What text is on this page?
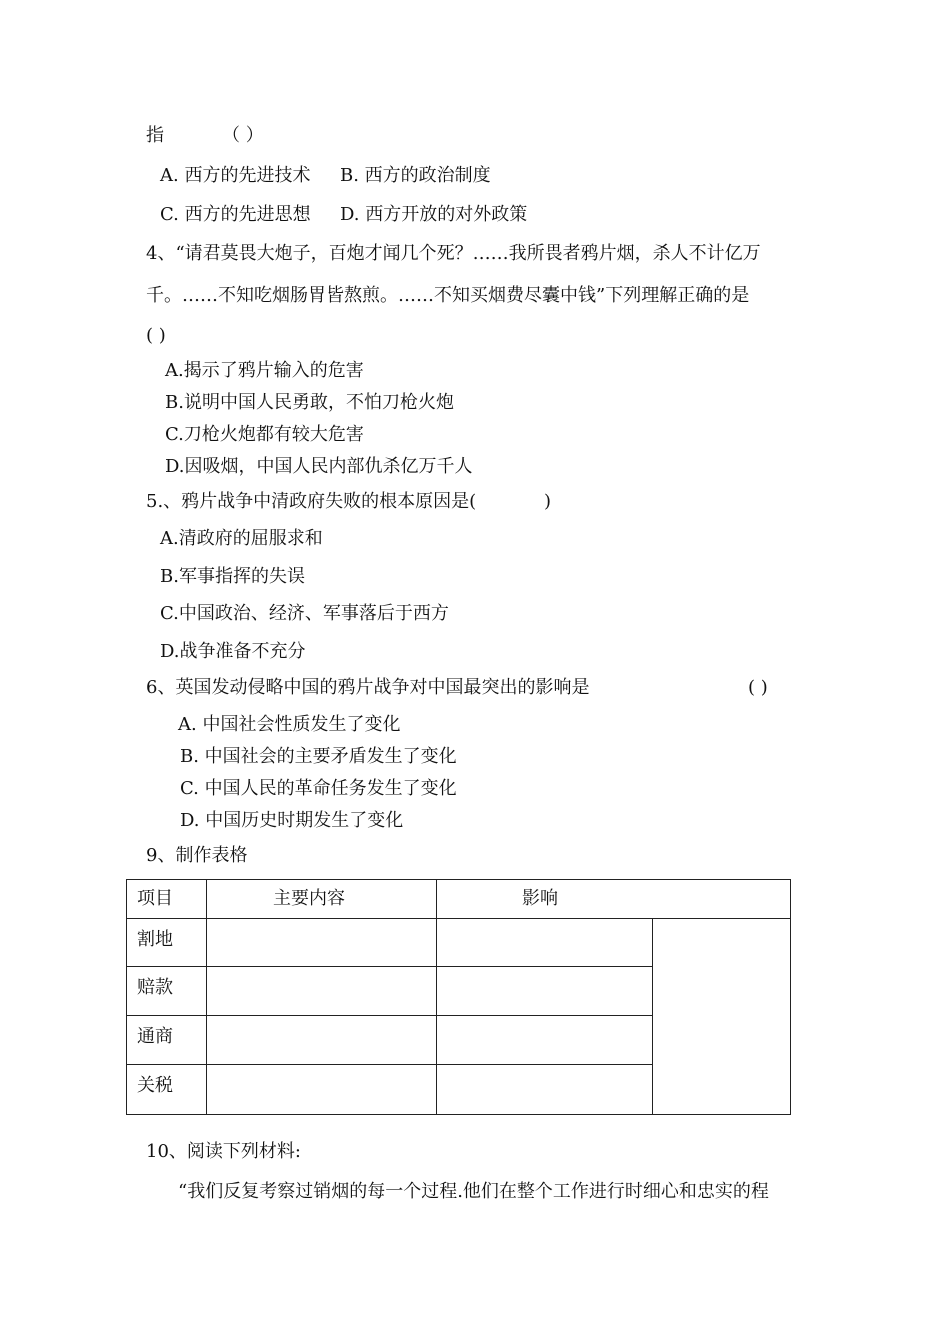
指	（ ）
A. 西方的先进技术 B. 西方的政治制度
C. 西方的先进思想 D. 西方开放的对外政策
4、“请君莫畏大炮子，百炮才闻几个死？……我所畏者鸦片烟，杀人不计亿万
千。……不知吃烟肠胃皆熬煎。……不知买烟费尽囊中钱”下列理解正确的是
( )
A.揭示了鸦片输入的危害
B.说明中国人民勇敢，不怕刀枪火炮
C.刀枪火炮都有较大危害
D.因吸烟，中国人民内部仇杀亿万千人
5.、鸦片战争中清政府失败的根本原因是(	)
A.清政府的屈服求和
B.军事指挥的失误
C.中国政治、经济、军事落后于西方
D.战争准备不充分
6、英国发动侵略中国的鸦片战争对中国最突出的影响是	( )
A. 中国社会性质发生了变化
B. 中国社会的主要矛盾发生了变化
C. 中国人民的革命任务发生了变化
D. 中国历史时期发生了变化
9、制作表格
项目	主要内容	影响	

割地			

赔款			

通商			

关税			

10、阅读下列材料:
“我们反复考察过销烟的每一个过程.他们在整个工作进行时细心和忠实的程
